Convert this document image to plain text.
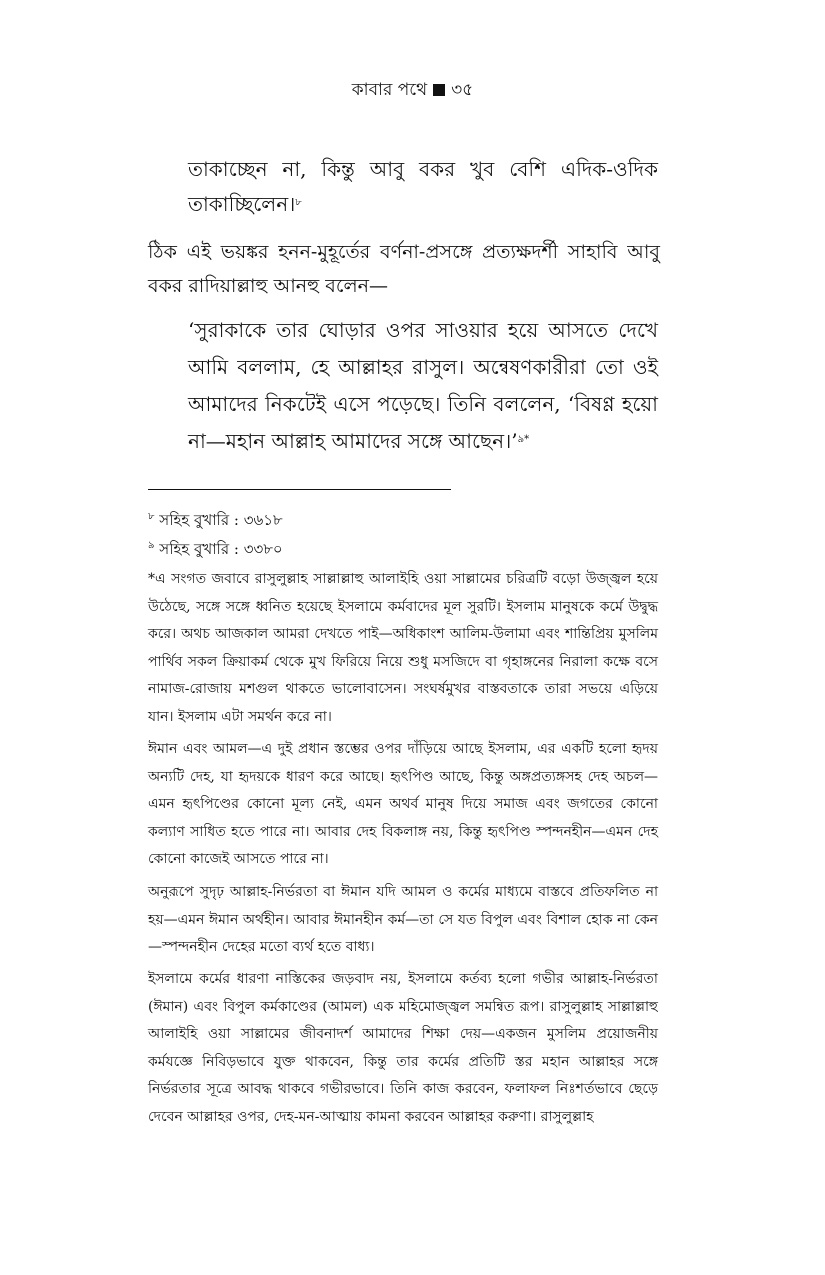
কাবার পথে ৩৫
তাকাচ্ছেন না, কিন্তু আবু বকর খুব বেশি এদিক-ওদিক তাকাচ্ছিলেন।$^৮$
ঠিক এই ভয়ঙ্কর হনন-মুহূর্তের বর্ণনা-প্রসঙ্গে প্রত্যক্ষদর্শী সাহাবি আবু বকর রাদিয়াল্লাহু আনহু বলেন—
‘সুরাকাকে তার ঘোড়ার ওপর সাওয়ার হয়ে আসতে দেখে আমি বললাম, হে আল্লাহর রাসুল। অন্বেষণকারীরা তো ওই আমাদের নিকটেই এসে পড়েছে। তিনি বললেন, ‘বিষণ্ণ হয়ো না—মহান আল্লাহ আমাদের সঙ্গে আছেন।’$^{৯*}$
$^৮$ সহিহ বুখারি : ৩৬১৮
$^৯$ সহিহ বুখারি : ৩৩৮০
*এ সংগত জবাবে রাসুলুল্লাহ সাল্লাল্লাহু আলাইহি ওয়া সাল্লামের চরিত্রটি বড়ো উজ্জ্বল হয়ে উঠেছে, সঙ্গে সঙ্গে ধ্বনিত হয়েছে ইসলামে কর্মবাদের মূল সুরটি। ইসলাম মানুষকে কর্মে উদ্বুদ্ধ করে। অথচ আজকাল আমরা দেখতে পাই—অধিকাংশ আলিম-উলামা এবং শান্তিপ্রিয় মুসলিম পার্থিব সকল ক্রিয়াকর্ম থেকে মুখ ফিরিয়ে নিয়ে শুধু মসজিদে বা গৃহাঙ্গনের নিরালা কক্ষে বসে নামাজ-রোজায় মশগুল থাকতে ভালোবাসেন। সংঘর্ষমুখর বাস্তবতাকে তারা সভয়ে এড়িয়ে যান। ইসলাম এটা সমর্থন করে না।
ঈমান এবং আমল—এ দুই প্রধান স্তম্ভের ওপর দাঁড়িয়ে আছে ইসলাম, এর একটি হলো হৃদয় অন্যটি দেহ, যা হৃদয়কে ধারণ করে আছে। হৃৎপিণ্ড আছে, কিন্তু অঙ্গপ্রত্যঙ্গসহ দেহ অচল—এমন হৃৎপিণ্ডের কোনো মূল্য নেই, এমন অথর্ব মানুষ দিয়ে সমাজ এবং জগতের কোনো কল্যাণ সাধিত হতে পারে না। আবার দেহ বিকলাঙ্গ নয়, কিন্তু হৃৎপিণ্ড স্পন্দনহীন—এমন দেহ কোনো কাজেই আসতে পারে না।
অনুরূপে সুদৃঢ় আল্লাহ-নির্ভরতা বা ঈমান যদি আমল ও কর্মের মাধ্যমে বাস্তবে প্রতিফলিত না হয়—এমন ঈমান অর্থহীন। আবার ঈমানহীন কর্ম—তা সে যত বিপুল এবং বিশাল হোক না কেন—স্পন্দনহীন দেহের মতো ব্যর্থ হতে বাধ্য।
ইসলামে কর্মের ধারণা নাস্তিকের জড়বাদ নয়, ইসলামে কর্তব্য হলো গভীর আল্লাহ-নির্ভরতা (ঈমান) এবং বিপুল কর্মকাণ্ডের (আমল) এক মহিমোজ্জ্বল সমন্বিত রূপ। রাসুলুল্লাহ সাল্লাল্লাহু আলাইহি ওয়া সাল্লামের জীবনাদর্শ আমাদের শিক্ষা দেয়—একজন মুসলিম প্রয়োজনীয় কর্মযজ্ঞে নিবিড়ভাবে যুক্ত থাকবেন, কিন্তু তার কর্মের প্রতিটি স্তর মহান আল্লাহর সঙ্গে নির্ভরতার সূত্রে আবদ্ধ থাকবে গভীরভাবে। তিনি কাজ করবেন, ফলাফল নিঃশর্তভাবে ছেড়ে দেবেন আল্লাহর ওপর, দেহ-মন-আত্মায় কামনা করবেন আল্লাহর করুণা। রাসুলুল্লাহ
